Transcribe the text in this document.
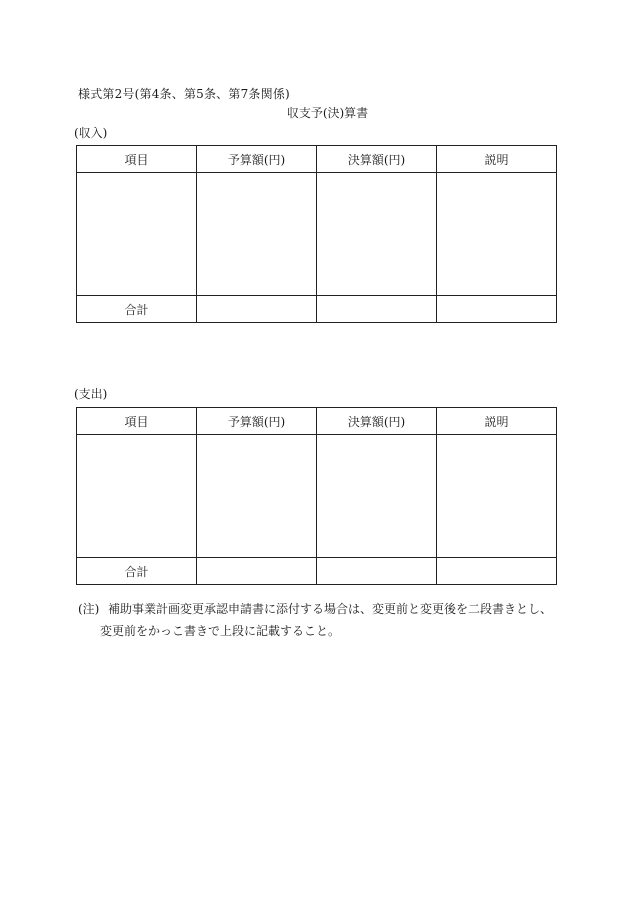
様式第2号(第4条、第5条、第7条関係)
収支予(決)算書
(収入)
項目	予算額(円)	決算額(円)	説明

合計			
(支出)
項目	予算額(円)	決算額(円)	説明

合計			
(注) 補助事業計画変更承認申請書に添付する場合は、変更前と変更後を二段書きとし、
変更前をかっこ書きで上段に記載すること。
